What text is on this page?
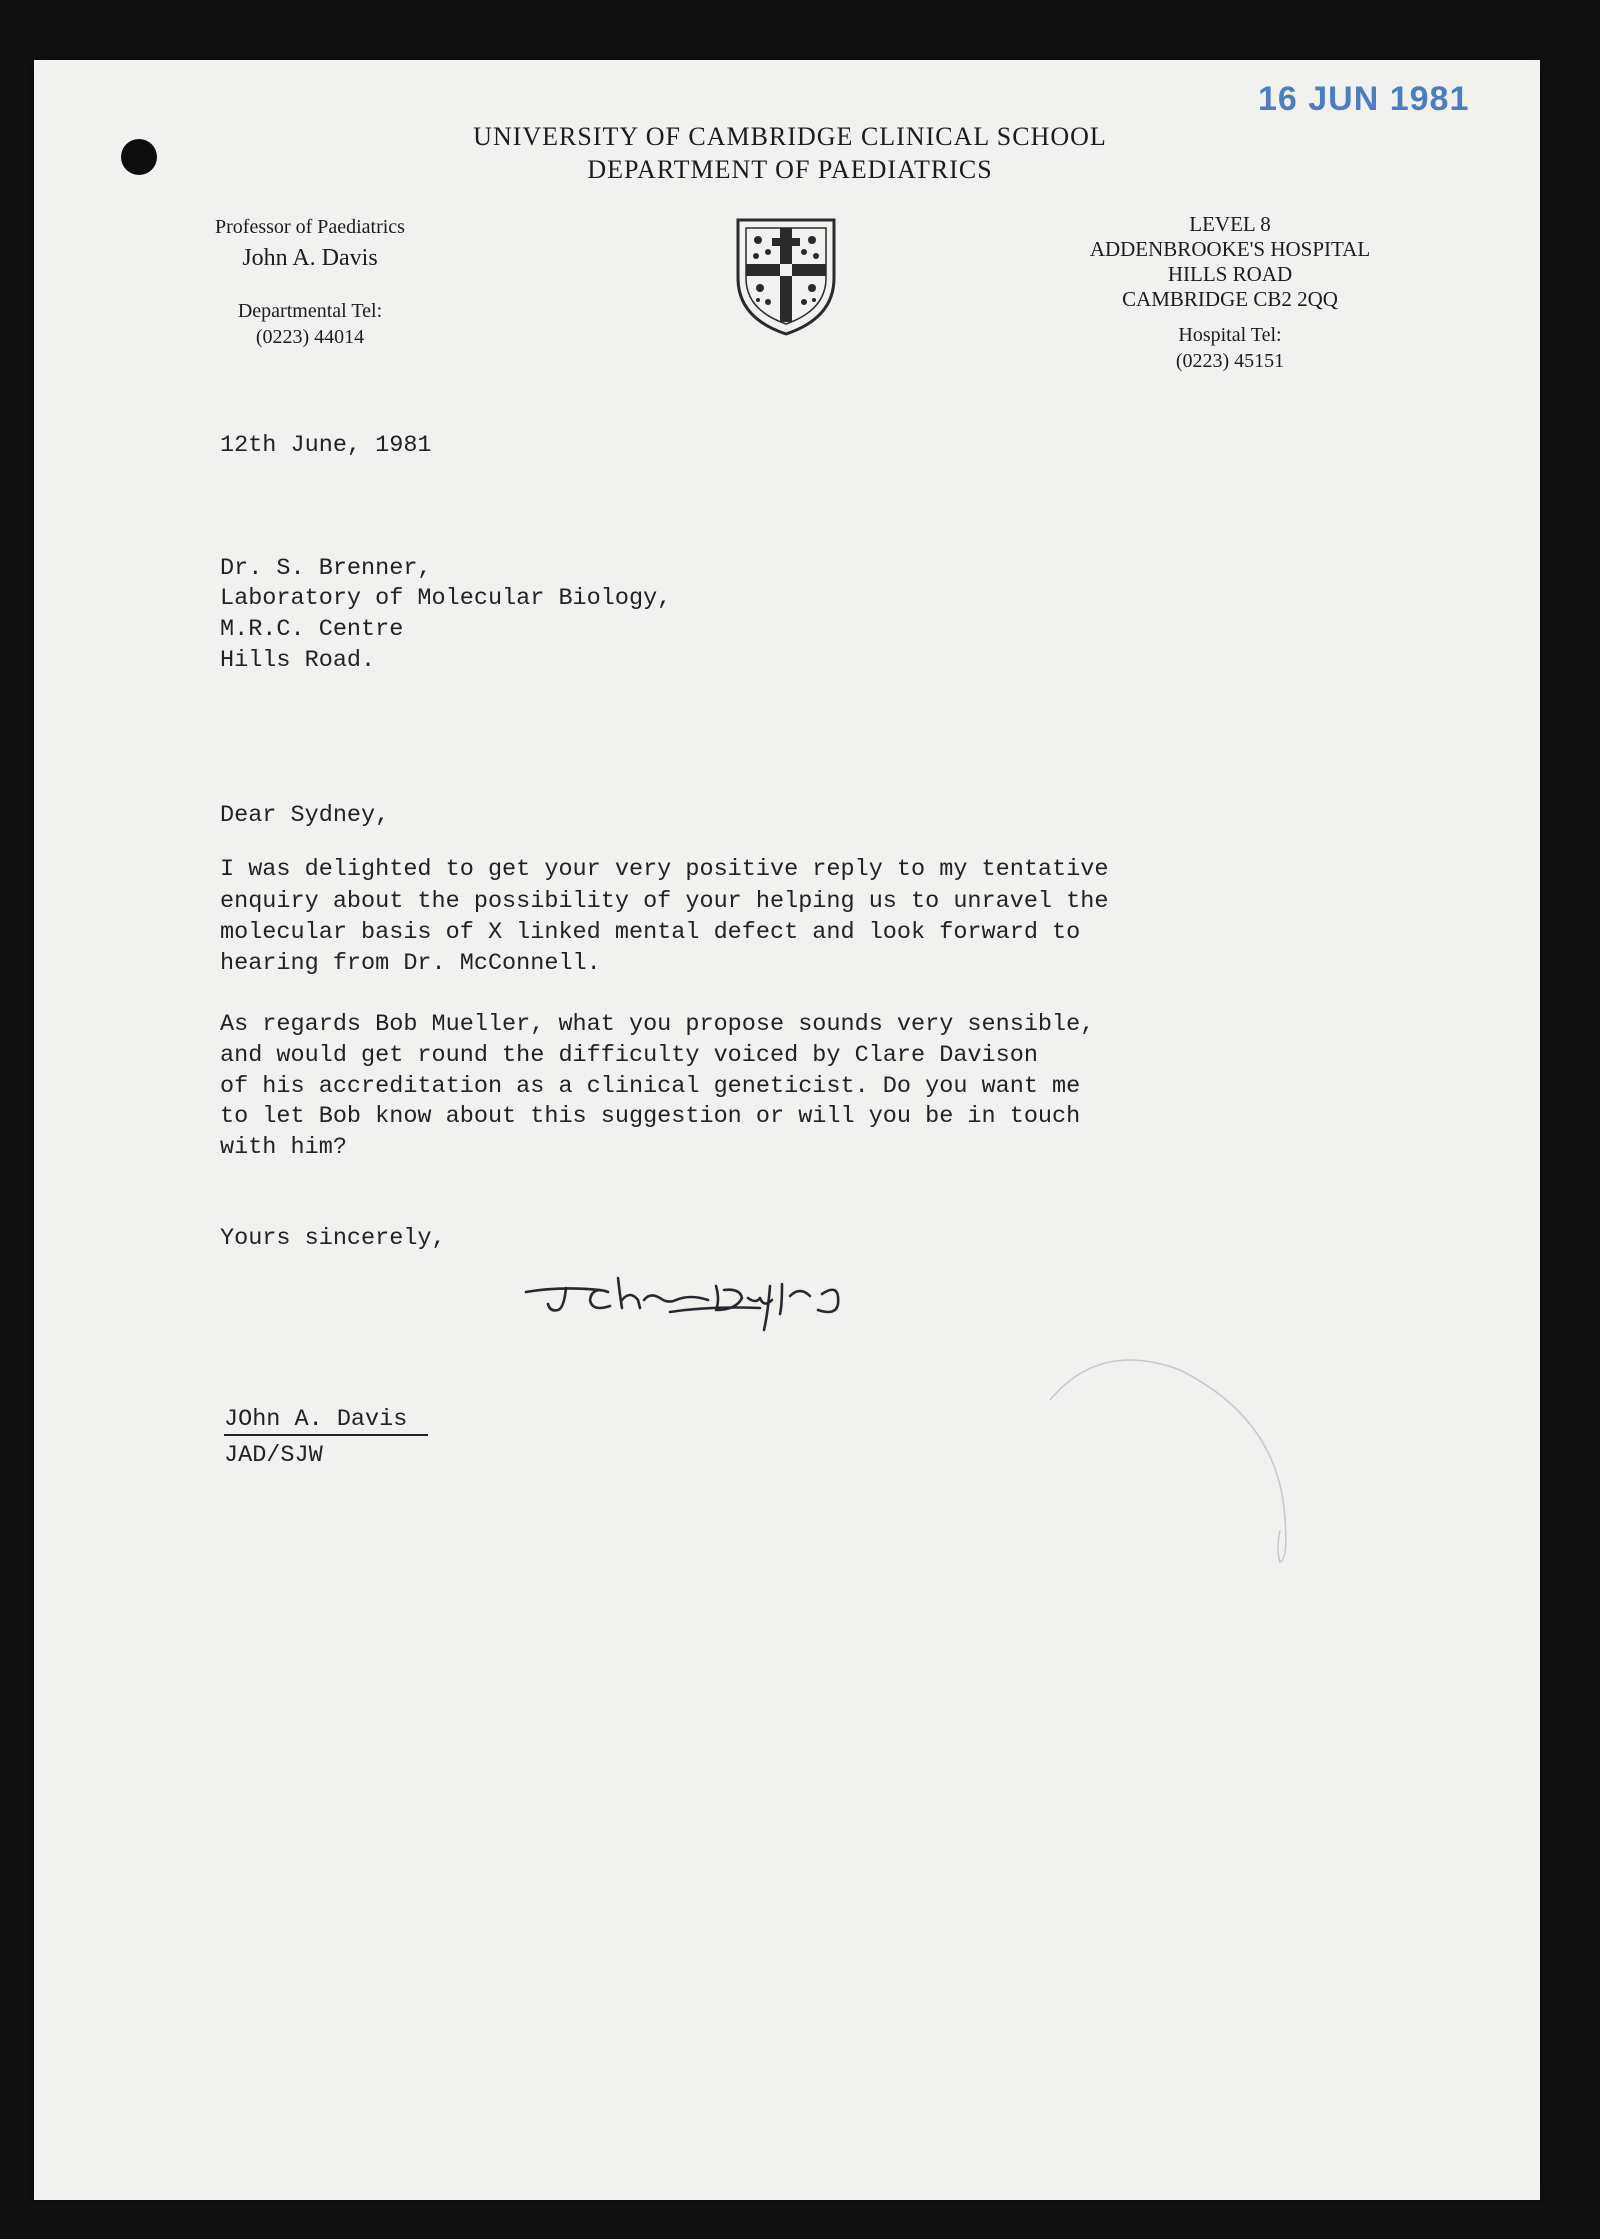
16 JUN 1981
UNIVERSITY OF CAMBRIDGE CLINICAL SCHOOL
DEPARTMENT OF PAEDIATRICS
Professor of Paediatrics
John A. Davis
Departmental Tel:
(0223) 44014
LEVEL 8
ADDENBROOKE'S HOSPITAL
HILLS ROAD
CAMBRIDGE CB2 2QQ
Hospital Tel:
(0223) 45151
12th June, 1981
Dr. S. Brenner,
Laboratory of Molecular Biology,
M.R.C. Centre
Hills Road.
Dear Sydney,
I was delighted to get your very positive reply to my tentative
enquiry about the possibility of your helping us to unravel the
molecular basis of X linked mental defect and look forward to
hearing from Dr. McConnell.
As regards Bob Mueller, what you propose sounds very sensible,
and would get round the difficulty voiced by Clare Davison
of his accreditation as a clinical geneticist. Do you want me
to let Bob know about this suggestion or will you be in touch
with him?
Yours sincerely,
JOhn A. Davis
JAD/SJW
